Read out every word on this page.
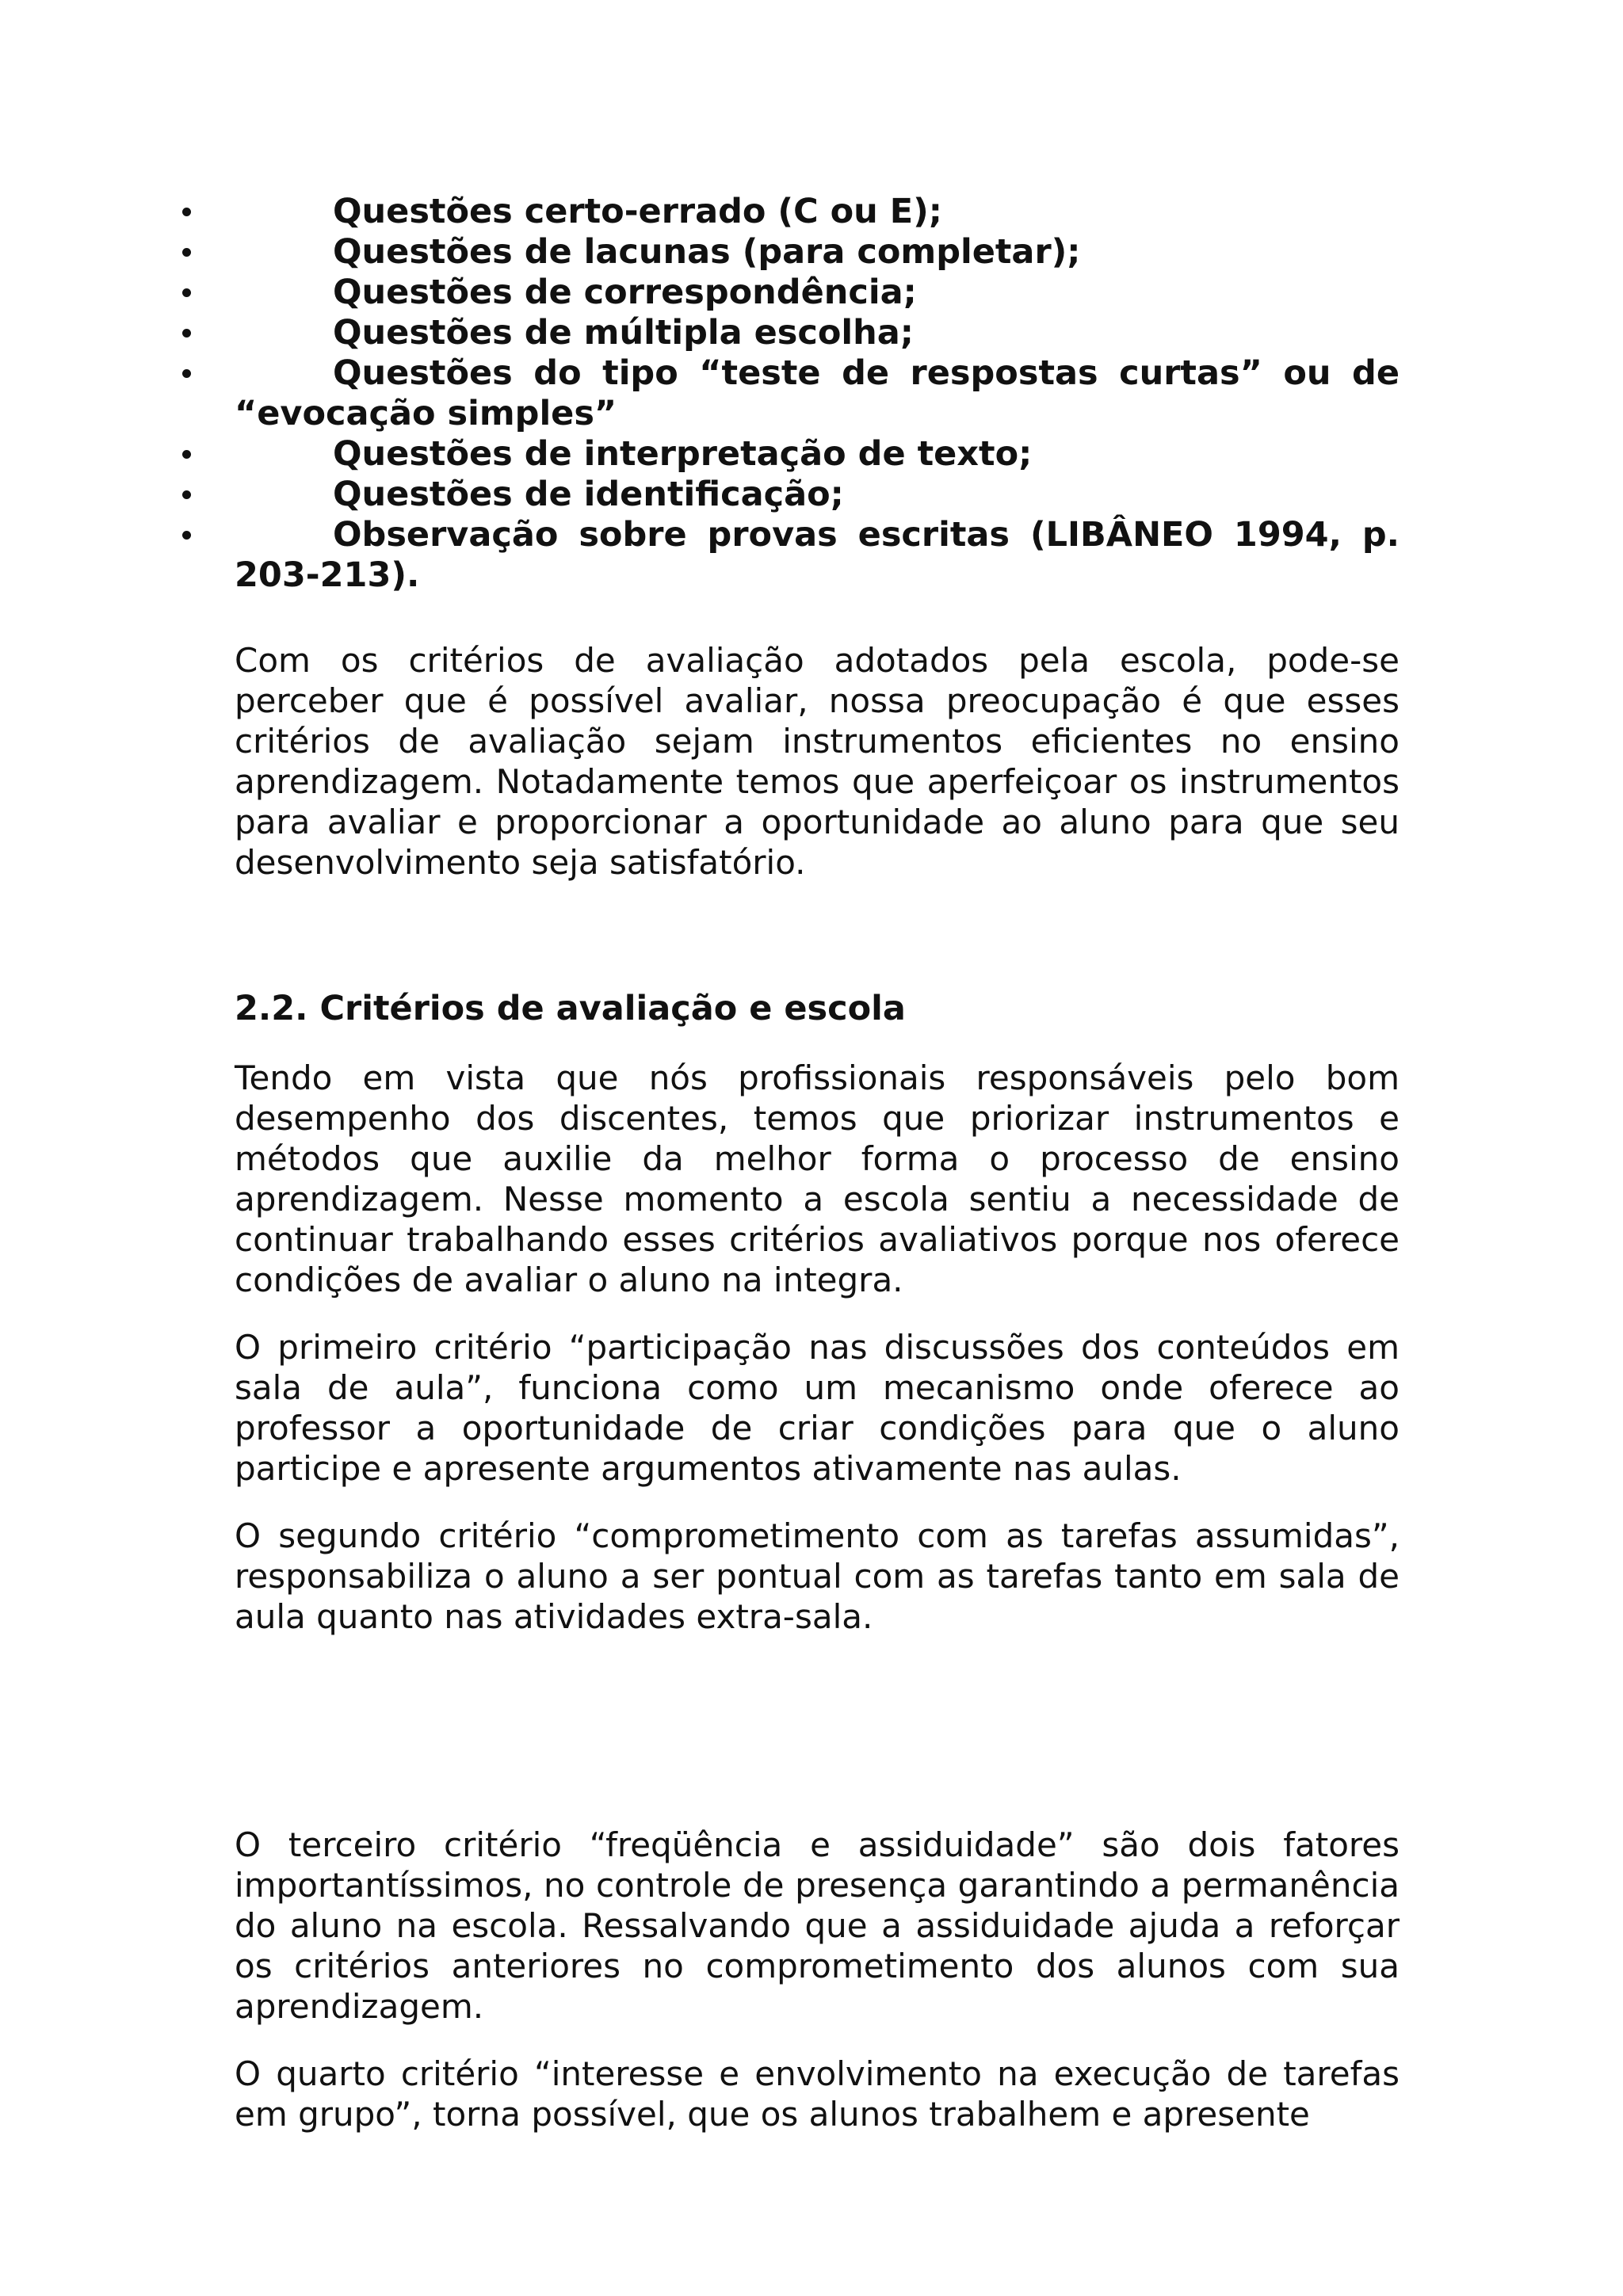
Questões certo-errado (C ou E);
Questões de lacunas (para completar);
Questões de correspondência;
Questões de múltipla escolha;
Questões do tipo “teste de respostas curtas” ou de “evocação simples”
Questões de interpretação de texto;
Questões de identificação;
Observação sobre provas escritas (LIBÂNEO 1994, p. 203-213).

Com os critérios de avaliação adotados pela escola, pode-se perceber que é possível avaliar, nossa preocupação é que esses critérios de avaliação sejam instrumentos eficientes no ensino aprendizagem. Notadamente temos que aperfeiçoar os instrumentos para avaliar e proporcionar a oportunidade ao aluno para que seu desenvolvimento seja satisfatório.

2.2. Critérios de avaliação e escola

Tendo em vista que nós profissionais responsáveis pelo bom desempenho dos discentes, temos que priorizar instrumentos e métodos que auxilie da melhor forma o processo de ensino aprendizagem. Nesse momento a escola sentiu a necessidade de continuar trabalhando esses critérios avaliativos porque nos oferece condições de avaliar o aluno na integra.

O primeiro critério “participação nas discussões dos conteúdos em sala de aula”, funciona como um mecanismo onde oferece ao professor a oportunidade de criar condições para que o aluno participe e apresente argumentos ativamente nas aulas.

O segundo critério “comprometimento com as tarefas assumidas”, responsabiliza o aluno a ser pontual com as tarefas tanto em sala de aula quanto nas atividades extra-sala.

O terceiro critério “freqüência e assiduidade” são dois fatores importantíssimos, no controle de presença garantindo a permanência do aluno na escola. Ressalvando que a assiduidade ajuda a reforçar os critérios anteriores no comprometimento dos alunos com sua aprendizagem.

O quarto critério “interesse e envolvimento na execução de tarefas em grupo”, torna possível, que os alunos trabalhem e apresente
